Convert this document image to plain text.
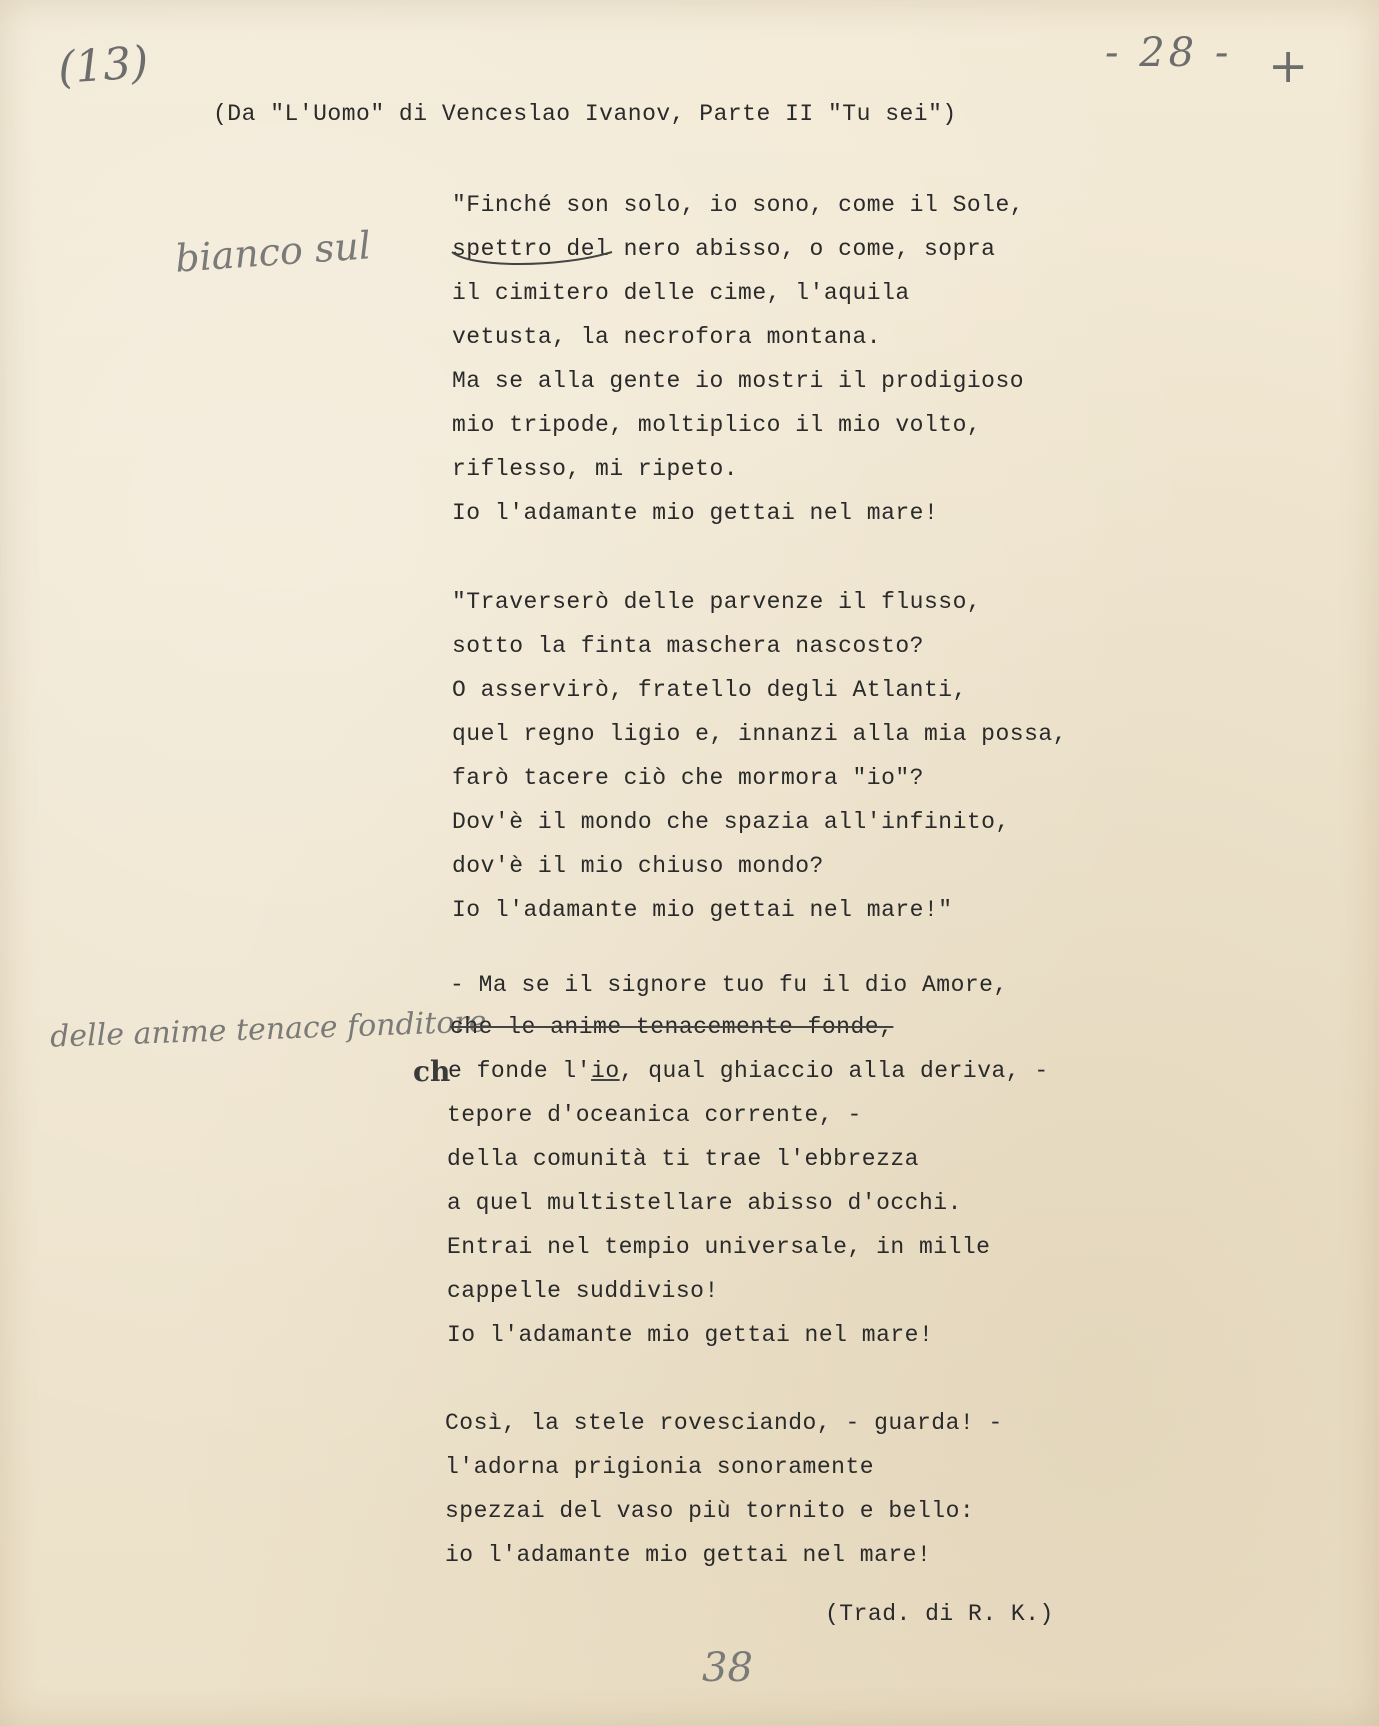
(13)	- 28 - +
(Da "L'Uomo" di Venceslao Ivanov, Parte II "Tu sei")
bianco sul
"Finché son solo, io sono, come il Sole,
spettro del nero abisso, o come, sopra
il cimitero delle cime, l'aquila
vetusta, la necrofora montana.
Ma se alla gente io mostri il prodigioso
mio tripode, moltiplico il mio volto,
riflesso, mi ripeto.
Io l'adamante mio gettai nel mare!
"Traverserò delle parvenze il flusso,
sotto la finta maschera nascosto?
O asservirò, fratello degli Atlanti,
quel regno ligio e, innanzi alla mia possa,
farò tacere ciò che mormora "io"?
Dov'è il mondo che spazia all'infinito,
dov'è il mio chiuso mondo?
Io l'adamante mio gettai nel mare!"
delle anime tenace fonditore
- Ma se il signore tuo fu il dio Amore,
che le anime tenacemente fonde,
ch
e fonde l'io, qual ghiaccio alla deriva, -
tepore d'oceanica corrente, -
della comunità ti trae l'ebbrezza
a quel multistellare abisso d'occhi.
Entrai nel tempio universale, in mille
cappelle suddiviso!
Io l'adamante mio gettai nel mare!
Così, la stele rovesciando, - guarda! -
l'adorna prigionia sonoramente
spezzai del vaso più tornito e bello:
io l'adamante mio gettai nel mare!
(Trad. di R. K.)
38
